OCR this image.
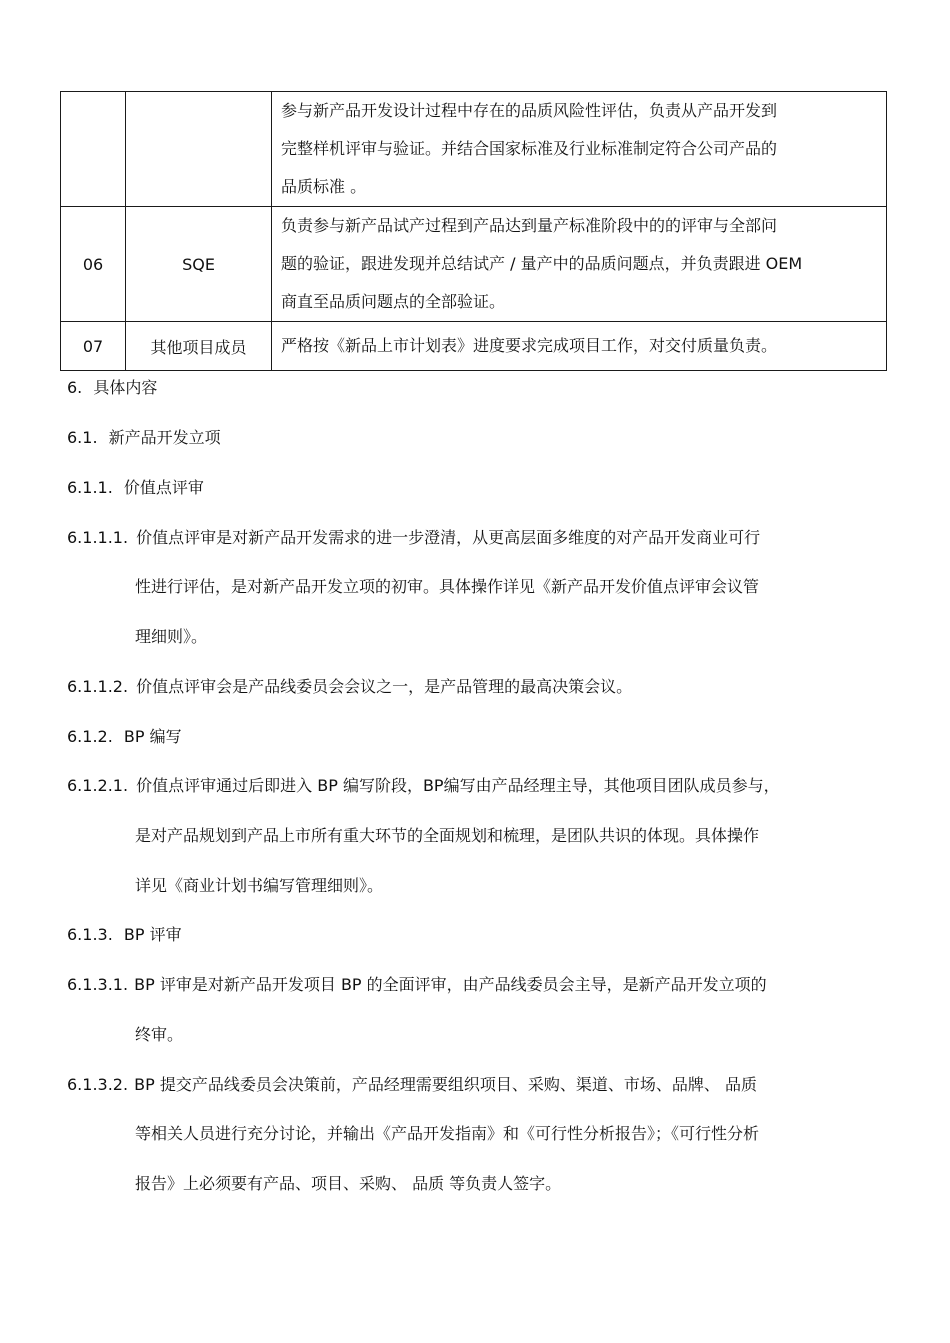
		参与新产品开发设计过程中存在的品质风险性评估，负责从产品开发到
完整样机评审与验证。并结合国家标准及行业标准制定符合公司产品的
品质标准 。

06	SQE	负责参与新产品试产过程到产品达到量产标准阶段中的的评审与全部问
题的验证，跟进发现并总结试产 / 量产中的品质问题点，并负责跟进 OEM
商直至品质问题点的全部验证。

07	其他项目成员	严格按《新品上市计划表》进度要求完成项目工作，对交付质量负责。
6. 具体内容
6.1. 新产品开发立项
6.1.1. 价值点评审
6.1.1.1. 价值点评审是对新产品开发需求的进一步澄清，从更高层面多维度的对产品开发商业可行
性进行评估，是对新产品开发立项的初审。具体操作详见《新产品开发价值点评审会议管
理细则》。
6.1.1.2. 价值点评审会是产品线委员会会议之一，是产品管理的最高决策会议。
6.1.2. BP 编写
6.1.2.1. 价值点评审通过后即进入 BP 编写阶段，BP编写由产品经理主导，其他项目团队成员参与，
是对产品规划到产品上市所有重大环节的全面规划和梳理，是团队共识的体现。具体操作
详见《商业计划书编写管理细则》。
6.1.3. BP 评审
6.1.3.1. BP 评审是对新产品开发项目 BP 的全面评审，由产品线委员会主导，是新产品开发立项的
终审。
6.1.3.2. BP 提交产品线委员会决策前，产品经理需要组织项目、采购、渠道、市场、品牌、 品质
等相关人员进行充分讨论，并输出《产品开发指南》和《可行性分析报告》；《可行性分析
报告》上必须要有产品、项目、采购、 品质 等负责人签字。
